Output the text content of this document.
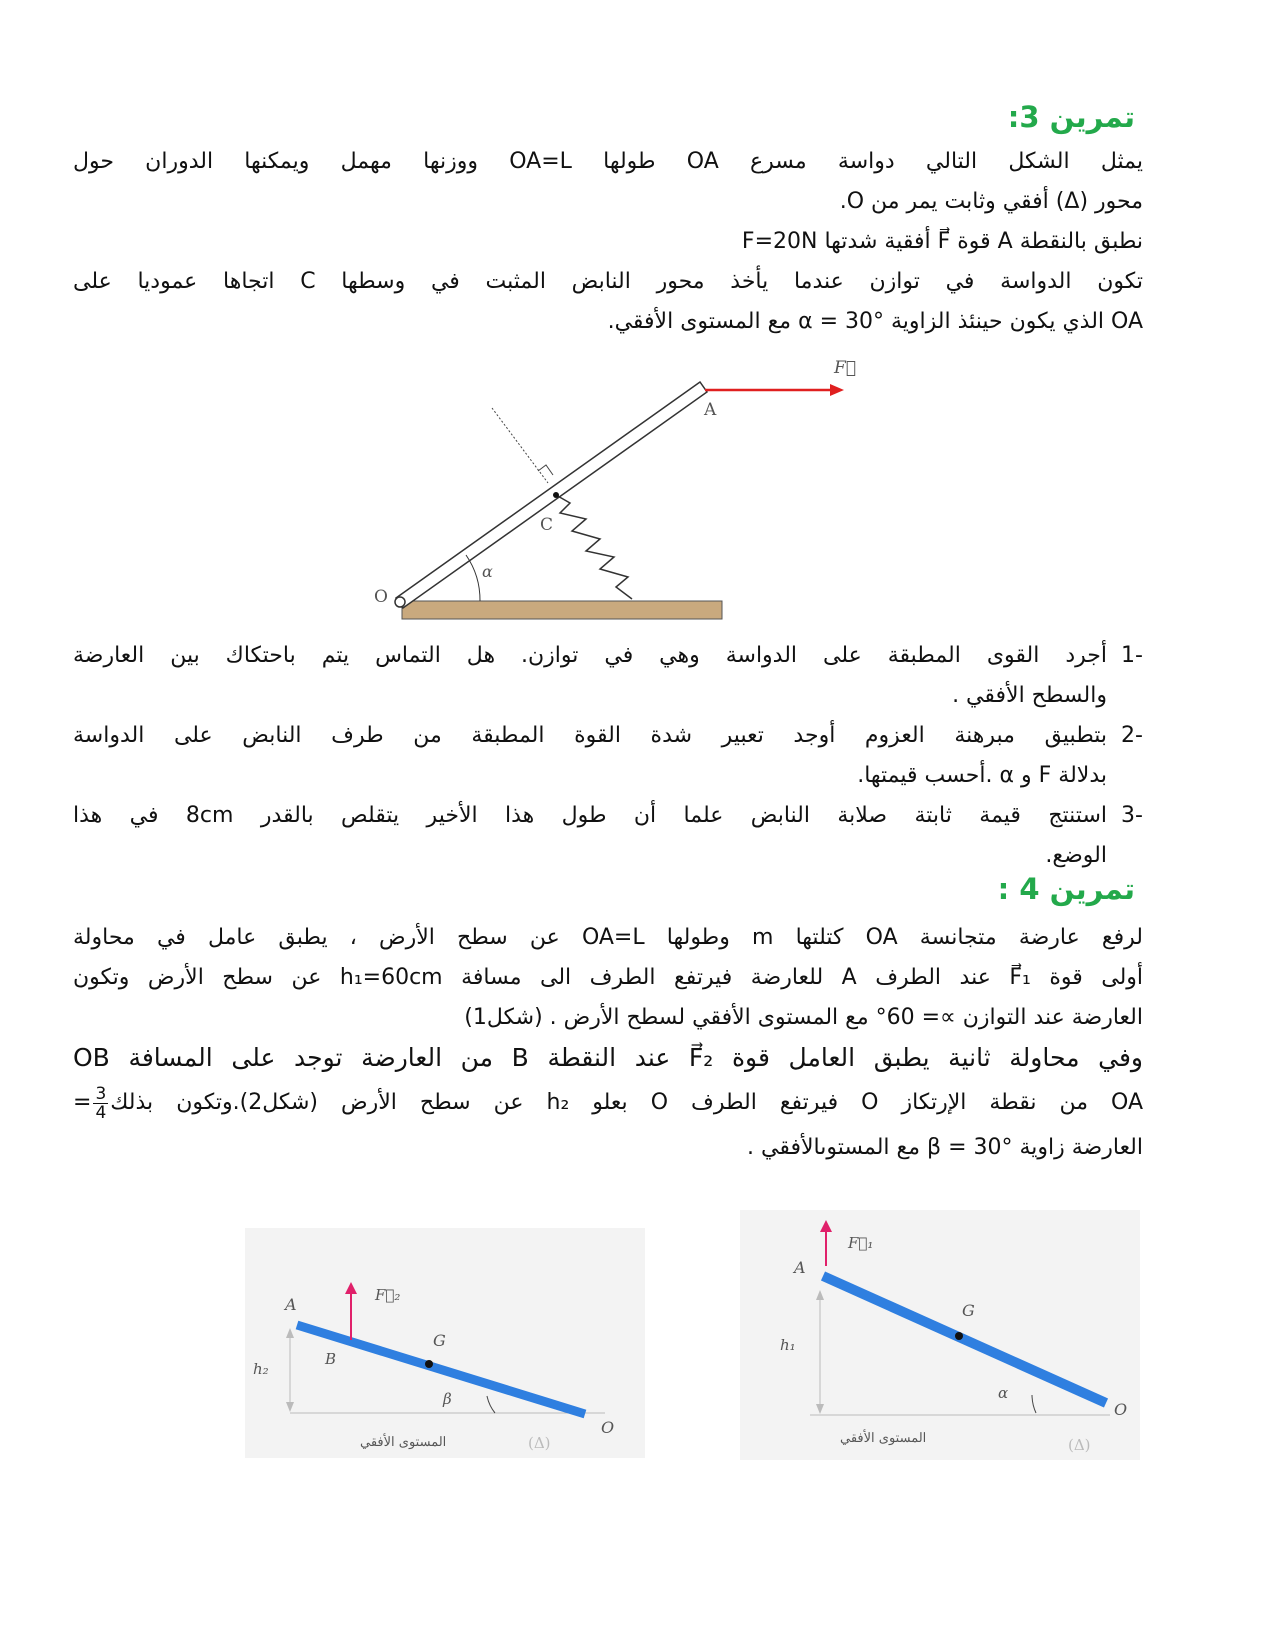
تمرين 3:
يمثل الشكل التالي دواسة مسرع OA طولها OA=L ووزنها مهمل ويمكنها الدوران حول
محور (Δ) أفقي وثابت يمر من O.
نطبق بالنقطة A قوة F⃗ أفقية شدتها F=20N
تكون الدواسة في توازن عندما يأخذ محور النابض المثبت في وسطها C اتجاها عموديا على
OA الذي يكون حينئذ الزاوية α = 30° مع المستوى الأفقي.
F⃗
A
C
O
α
-1
أجرد القوى المطبقة على الدواسة وهي في توازن. هل التماس يتم باحتكاك بين العارضة
والسطح الأفقي .
-2
بتطبيق مبرهنة العزوم أوجد تعبير شدة القوة المطبقة من طرف النابض على الدواسة
بدلالة F و α .أحسب قيمتها.
-3
استنتج قيمة ثابتة صلابة النابض علما أن طول هذا الأخير يتقلص بالقدر 8cm في هذا
الوضع.
تمرين 4 :
لرفع عارضة متجانسة OA كتلتها m وطولها OA=L عن سطح الأرض ، يطبق عامل في محاولة
أولى قوة F⃗₁ عند الطرف A للعارضة فيرتفع الطرف الى مسافة h₁=60cm عن سطح الأرض وتكون
العارضة عند التوازن ∝= 60° مع المستوى الأفقي لسطح الأرض . (شكل1)
وفي محاولة ثانية يطبق العامل قوة F⃗₂ عند النقطة B من العارضة توجد على المسافة OB
OA من نقطة الإرتكاز O فيرتفع الطرف O بعلو h₂ عن سطح الأرض (شكل2).وتكون بذلك
$\frac{3}{4}$
=
العارضة زاوية β = 30° مع المستوىالأفقي .
A	F⃗₂
G
B
h₂
β
O
المستوى الأفقي	(Δ)
A
F⃗₁
G
h₁
α
O
المستوى الأفقي	(Δ)
